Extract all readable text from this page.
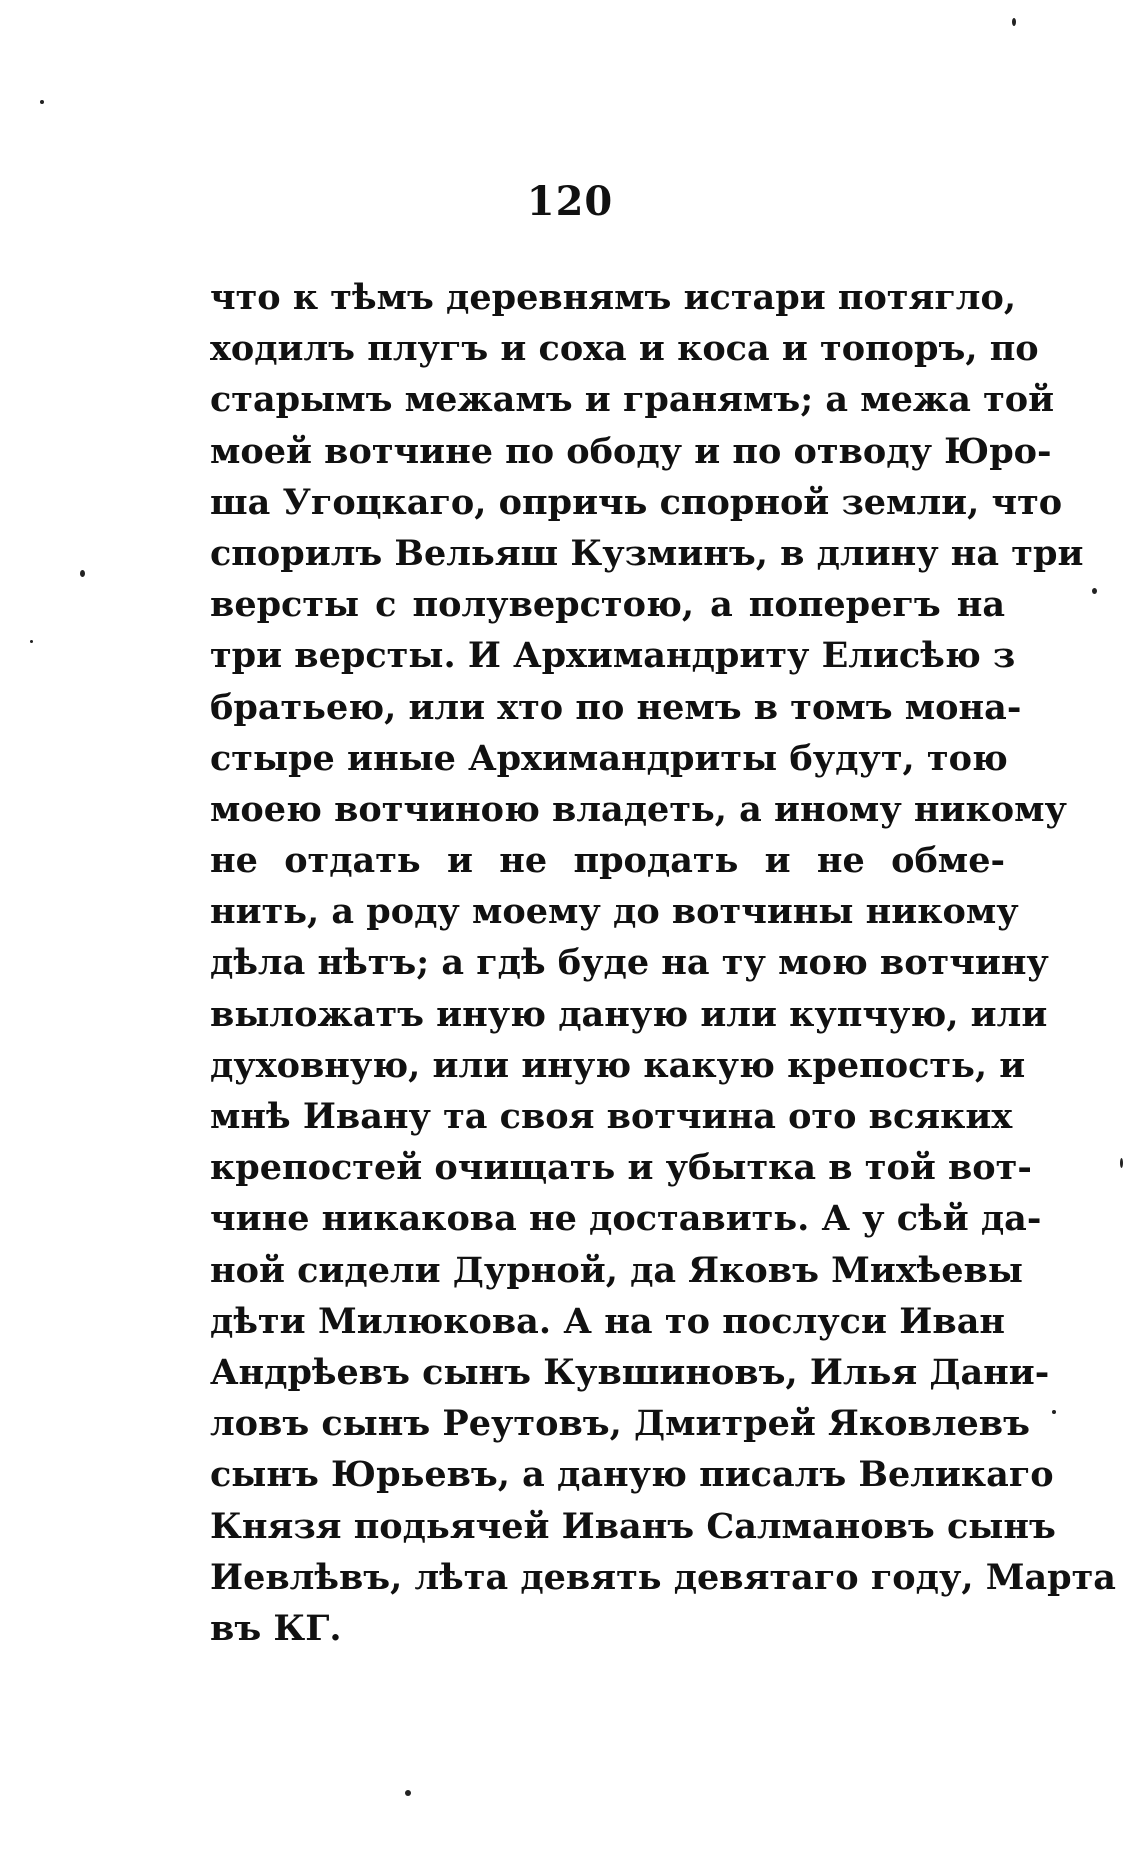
120
что к тѣмъ деревнямъ истари потягло,
ходилъ плугъ и соха и коса и топоръ, по
старымъ межамъ и гранямъ; а межа той
моей вотчине по ободу и по отводу Юро-
ша Угоцкаго, опричь спорной земли, что
спорилъ Вельяш Кузминъ, в длину на три
версты с полуверстою, а поперегъ на
три версты. И Архимандриту Елисѣю з
братьею, или хто по немъ в томъ мона-
стыре иные Архимандриты будут, тою
моею вотчиною владеть, а иному никому
не отдать и не продать и не обме-
нить, а роду моему до вотчины никому
дѣла нѣтъ; а гдѣ буде на ту мою вотчину
выложатъ иную даную или купчую, или
духовную, или иную какую крепость, и
мнѣ Ивану та своя вотчина ото всяких
крепостей очищать и убытка в той вот-
чине никакова не доставить. А у сѣй да-
ной сидели Дурной, да Яковъ Михѣевы
дѣти Милюкова. А на то послуси Иван
Андрѣевъ сынъ Кувшиновъ, Илья Дани-
ловъ сынъ Реутовъ, Дмитрей Яковлевъ
сынъ Юрьевъ, а даную писалъ Великаго
Князя подьячей Иванъ Салмановъ сынъ
Иевлѣвъ, лѣта девять девятаго году, Марта
въ КГ.
